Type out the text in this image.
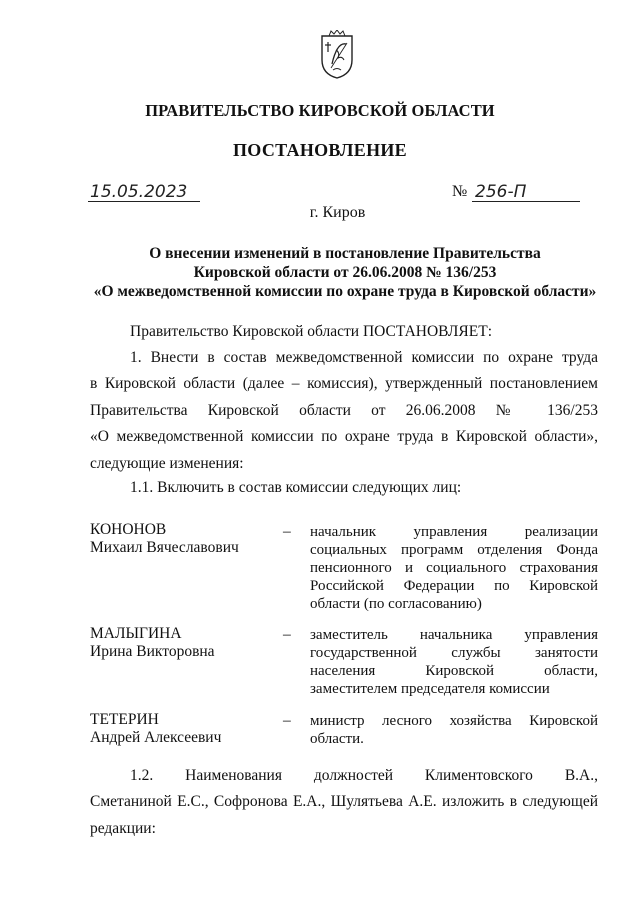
ПРАВИТЕЛЬСТВО КИРОВСКОЙ ОБЛАСТИ
ПОСТАНОВЛЕНИЕ
15.05.2023	№ 256-П
г. Киров
О внесении изменений в постановление Правительства
Кировской области от 26.06.2008 № 136/253
«О межведомственной комиссии по охране труда в Кировской области»
Правительство Кировской области ПОСТАНОВЛЯЕТ:
1. Внести в состав межведомственной комиссии по охране труда
в Кировской области (далее – комиссия), утвержденный постановлением
Правительства Кировской области от 26.06.2008 № 136/253
«О межведомственной комиссии по охране труда в Кировской области»,
следующие изменения:
1.1. Включить в состав комиссии следующих лиц:
КОНОНОВ
Михаил Вячеславович
– начальник управления реализации
социальных программ отделения Фонда
пенсионного и социального страхования
Российской Федерации по Кировской
области (по согласованию)
МАЛЫГИНА
Ирина Викторовна
– заместитель начальника управления
государственной службы занятости
населения Кировской области,
заместителем председателя комиссии
ТЕТЕРИН
Андрей Алексеевич
– министр лесного хозяйства Кировской
области.
1.2. Наименования должностей Климентовского В.А.,
Сметаниной Е.С., Софронова Е.А., Шулятьева А.Е. изложить в следующей
редакции:
